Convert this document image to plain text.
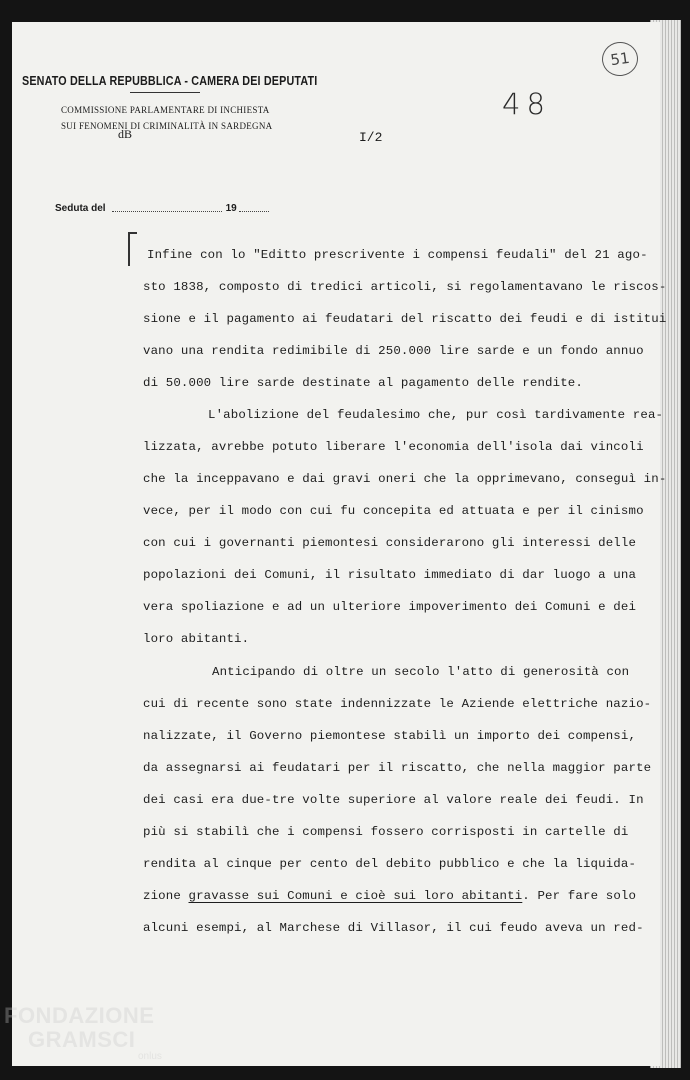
SENATO DELLA REPUBBLICA - CAMERA DEI DEPUTATI

COMMISSIONE PARLAMENTARE DI INCHIESTA
SUI FENOMENI DI CRIMINALITÀ IN SARDEGNA

dB	I/2
48
51
Seduta del	19

Infine con lo "Editto prescrivente i compensi feudali" del 21 ago-

sto 1838, composto di tredici articoli, si regolamentavano le riscos-

sione e il pagamento ai feudatari del riscatto dei feudi e di istitui

vano una rendita redimibile di 250.000 lire sarde e un fondo annuo

di 50.000 lire sarde destinate al pagamento delle rendite.

L'abolizione del feudalesimo che, pur così tardivamente rea-

lizzata, avrebbe potuto liberare l'economia dell'isola dai vincoli

che la inceppavano e dai gravi oneri che la opprimevano, conseguì in-

vece, per il modo con cui fu concepita ed attuata e per il cinismo

con cui i governanti piemontesi considerarono gli interessi delle

popolazioni dei Comuni, il risultato immediato di dar luogo a una

vera spoliazione e ad un ulteriore impoverimento dei Comuni e dei

loro abitanti.

Anticipando di oltre un secolo l'atto di generosità con

cui di recente sono state indennizzate le Aziende elettriche nazio-

nalizzate, il Governo piemontese stabilì un importo dei compensi,

da assegnarsi ai feudatari per il riscatto, che nella maggior parte

dei casi era due-tre volte superiore al valore reale dei feudi. In

più si stabilì che i compensi fossero corrisposti in cartelle di

rendita al cinque per cento del debito pubblico e che la liquida-

zione gravasse sui Comuni e cioè sui loro abitanti. Per fare solo

alcuni esempi, al Marchese di Villasor, il cui feudo aveva un red-

FONDAZIONE
GRAMSCI
onlus
